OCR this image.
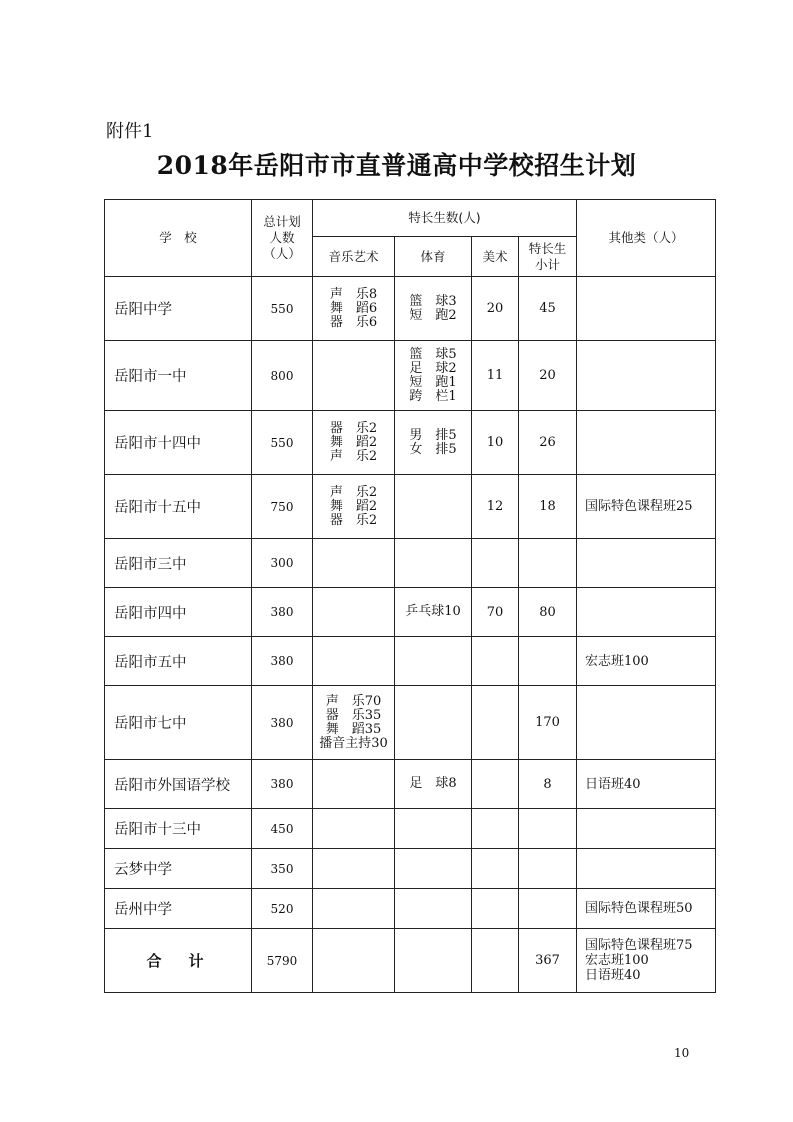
附件1
2018年岳阳市市直普通高中学校招生计划
学　校	总计划
人数
（人）	特长生数(人)				其他类（人）
		音乐艺术	体育	美术	特长生
小计	

岳阳中学	550	声　乐8
舞　蹈6
器　乐6	篮　球3
短　跑2	20	45	
岳阳市一中	800		篮　球5
足　球2
短　跑1
跨　栏1	11	20	
岳阳市十四中	550	器　乐2
舞　蹈2
声　乐2	男　排5
女　排5	10	26	
岳阳市十五中	750	声　乐2
舞　蹈2
器　乐2		12	18	国际特色课程班25

岳阳市三中	300					
岳阳市四中	380		乒乓球10	70	80	
岳阳市五中	380					宏志班100

岳阳市七中	380	声　乐70
器　乐35
舞　蹈35
播音主持30			170	
岳阳市外国语学校	380		足　球8		8	日语班40

岳阳市十三中	450					
云梦中学	350					
岳州中学	520					国际特色课程班50

合　计	5790				367	国际特色课程班75
宏志班100
日语班40
10
